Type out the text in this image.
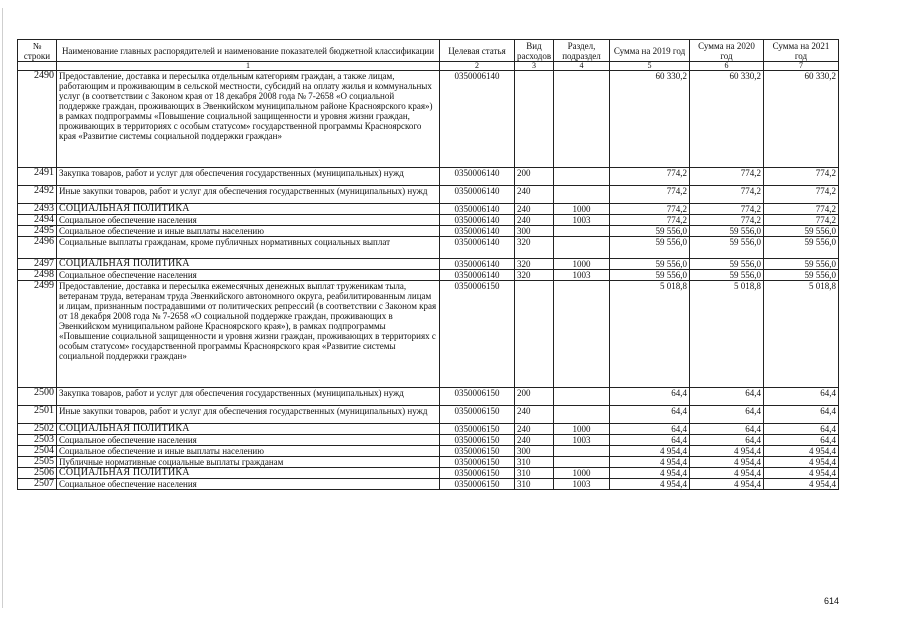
№
строки	Наименование главных распорядителей и наименование показателей бюджетной классификации	Целевая статья	Вид расходов	Раздел, подраздел	Сумма на 2019 год	Сумма на 2020 год	Сумма на 2021 год
	1	2	3	4	5	6	7
2490	Предоставление, доставка и пересылка отдельным категориям граждан, а также лицам, работающим и проживающим в сельской местности, субсидий на оплату жилья и коммунальных услуг (в соответствии с Законом края от 18 декабря 2008 года № 7-2658 «О социальной поддержке граждан, проживающих в Эвенкийском муниципальном районе Красноярского края») в рамках подпрограммы «Повышение социальной защищенности и уровня жизни граждан, проживающих в территориях с особым статусом» государственной программы Красноярского края «Развитие системы социальной поддержки граждан»	0350006140			60 330,2	60 330,2	60 330,2
2491	Закупка товаров, работ и услуг для обеспечения государственных (муниципальных) нужд	0350006140	200		774,2	774,2	774,2
2492	Иные закупки товаров, работ и услуг для обеспечения государственных (муниципальных) нужд	0350006140	240		774,2	774,2	774,2
2493	СОЦИАЛЬНАЯ ПОЛИТИКА	0350006140	240	1000	774,2	774,2	774,2
2494	Социальное обеспечение населения	0350006140	240	1003	774,2	774,2	774,2
2495	Социальное обеспечение и иные выплаты населению	0350006140	300		59 556,0	59 556,0	59 556,0
2496	Социальные выплаты гражданам, кроме публичных нормативных социальных выплат	0350006140	320		59 556,0	59 556,0	59 556,0
2497	СОЦИАЛЬНАЯ ПОЛИТИКА	0350006140	320	1000	59 556,0	59 556,0	59 556,0
2498	Социальное обеспечение населения	0350006140	320	1003	59 556,0	59 556,0	59 556,0
2499	Предоставление, доставка и пересылка ежемесячных денежных выплат труженикам тыла, ветеранам труда, ветеранам труда Эвенкийского автономного округа, реабилитированным лицам и лицам, признанным пострадавшими от политических репрессий (в соответствии с Законом края от 18 декабря 2008 года № 7-2658 «О социальной поддержке граждан, проживающих в Эвенкийском муниципальном районе Красноярского края»), в рамках подпрограммы «Повышение социальной защищенности и уровня жизни граждан, проживающих в территориях с особым статусом» государственной программы Красноярского края «Развитие системы социальной поддержки граждан»	0350006150			5 018,8	5 018,8	5 018,8
2500	Закупка товаров, работ и услуг для обеспечения государственных (муниципальных) нужд	0350006150	200		64,4	64,4	64,4
2501	Иные закупки товаров, работ и услуг для обеспечения государственных (муниципальных) нужд	0350006150	240		64,4	64,4	64,4
2502	СОЦИАЛЬНАЯ ПОЛИТИКА	0350006150	240	1000	64,4	64,4	64,4
2503	Социальное обеспечение населения	0350006150	240	1003	64,4	64,4	64,4
2504	Социальное обеспечение и иные выплаты населению	0350006150	300		4 954,4	4 954,4	4 954,4
2505	Публичные нормативные социальные выплаты гражданам	0350006150	310		4 954,4	4 954,4	4 954,4
2506	СОЦИАЛЬНАЯ ПОЛИТИКА	0350006150	310	1000	4 954,4	4 954,4	4 954,4
2507	Социальное обеспечение населения	0350006150	310	1003	4 954,4	4 954,4	4 954,4
614
